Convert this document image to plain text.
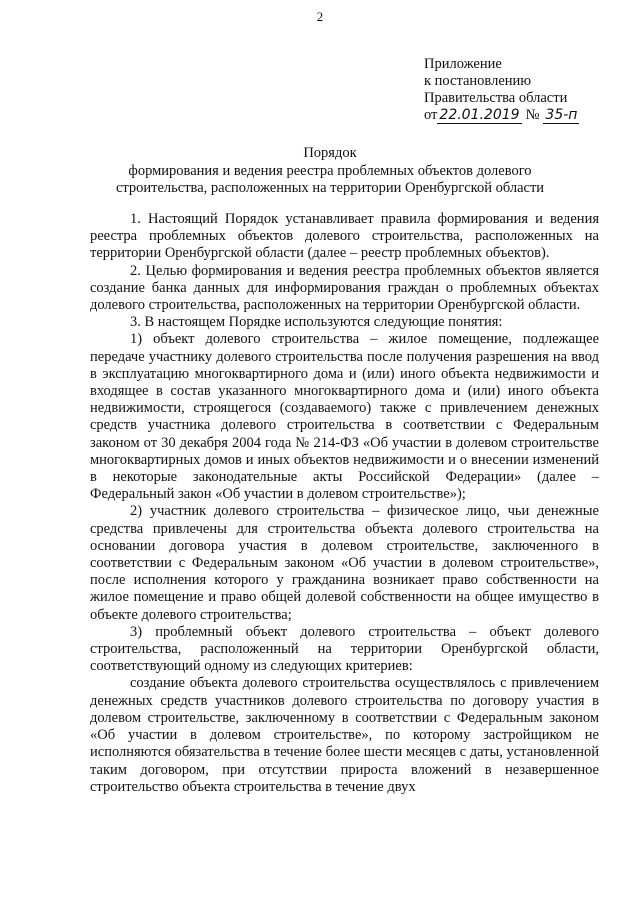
2
Приложение
к постановлению
Правительства области
от 22.01.2019 № 35-п
Порядок
формирования и ведения реестра проблемных объектов долевого
строительства, расположенных на территории Оренбургской области

1. Настоящий Порядок устанавливает правила формирования и ведения реестра проблемных объектов долевого строительства, расположенных на территории Оренбургской области (далее – реестр проблемных объектов).

2. Целью формирования и ведения реестра проблемных объектов является создание банка данных для информирования граждан о проблемных объектах долевого строительства, расположенных на территории Оренбургской области.

3. В настоящем Порядке используются следующие понятия:

1) объект долевого строительства – жилое помещение, подлежащее передаче участнику долевого строительства после получения разрешения на ввод в эксплуатацию многоквартирного дома и (или) иного объекта недвижимости и входящее в состав указанного многоквартирного дома и (или) иного объекта недвижимости, строящегося (создаваемого) также с привлечением денежных средств участника долевого строительства в соответствии с Федеральным законом от 30 декабря 2004 года № 214-ФЗ «Об участии в долевом строительстве многоквартирных домов и иных объектов недвижимости и о внесении изменений в некоторые законодательные акты Российской Федерации» (далее – Федеральный закон «Об участии в долевом строительстве»);

2) участник долевого строительства – физическое лицо, чьи денежные средства привлечены для строительства объекта долевого строительства на основании договора участия в долевом строительстве, заключенного в соответствии с Федеральным законом «Об участии в долевом строительстве», после исполнения которого у гражданина возникает право собственности на жилое помещение и право общей долевой собственности на общее имущество в объекте долевого строительства;

3) проблемный объект долевого строительства – объект долевого строительства, расположенный на территории Оренбургской области, соответствующий одному из следующих критериев:

создание объекта долевого строительства осуществлялось с привлечением денежных средств участников долевого строительства по договору участия в долевом строительстве, заключенному в соответствии с Федеральным законом «Об участии в долевом строительстве», по которому застройщиком не исполняются обязательства в течение более шести месяцев с даты, установленной таким договором, при отсутствии прироста вложений в незавершенное строительство объекта строительства в течение двух
